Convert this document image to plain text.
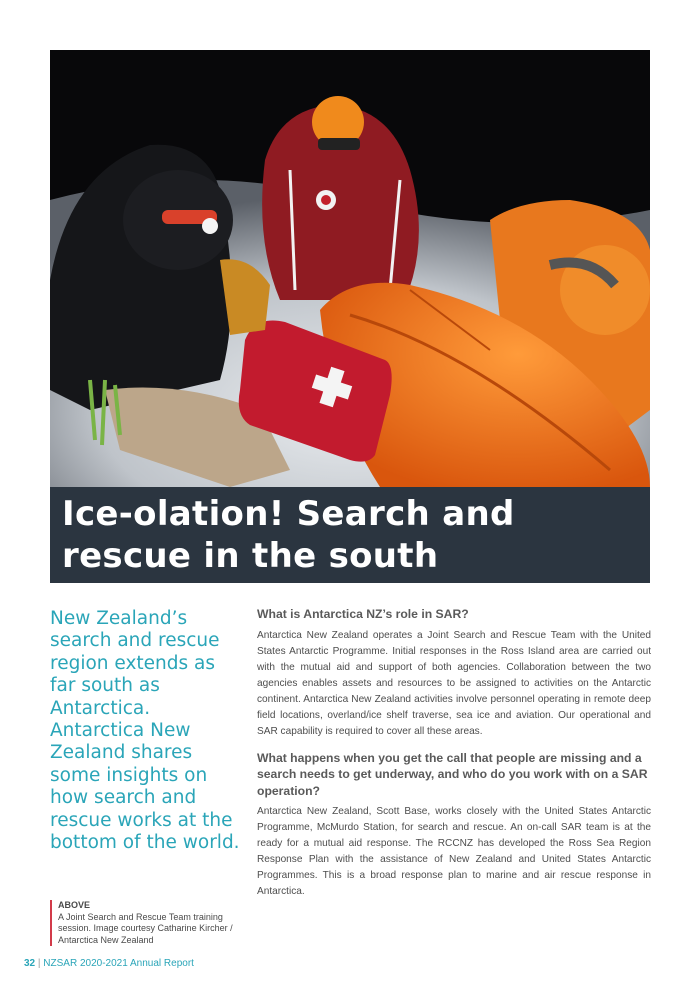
Ice-olation! Search and rescue in the south

New Zealand’s search and rescue region extends as far south as Antarctica. Antarctica New Zealand shares some insights on how search and rescue works at the bottom of the world.

ABOVE
A Joint Search and Rescue Team training session. Image courtesy Catharine Kircher / Antarctica New Zealand
What is Antarctica NZ’s role in SAR?

Antarctica New Zealand operates a Joint Search and Rescue Team with the United States Antarctic Programme. Initial responses in the Ross Island area are carried out with the mutual aid and support of both agencies. Collaboration between the two agencies enables assets and resources to be assigned to activities on the Antarctic continent. Antarctica New Zealand activities involve personnel operating in remote deep field locations, overland/ice shelf traverse, sea ice and aviation. Our operational and SAR capability is required to cover all these areas.

What happens when you get the call that people are missing and a search needs to get underway, and who do you work with on a SAR operation?

Antarctica New Zealand, Scott Base, works closely with the United States Antarctic Programme, McMurdo Station, for search and rescue. An on-call SAR team is at the ready for a mutual aid response. The RCCNZ has developed the Ross Sea Region Response Plan with the assistance of New Zealand and United States Antarctic Programmes. This is a broad response plan to marine and air rescue response in Antarctica.

32 | NZSAR 2020-2021 Annual Report
